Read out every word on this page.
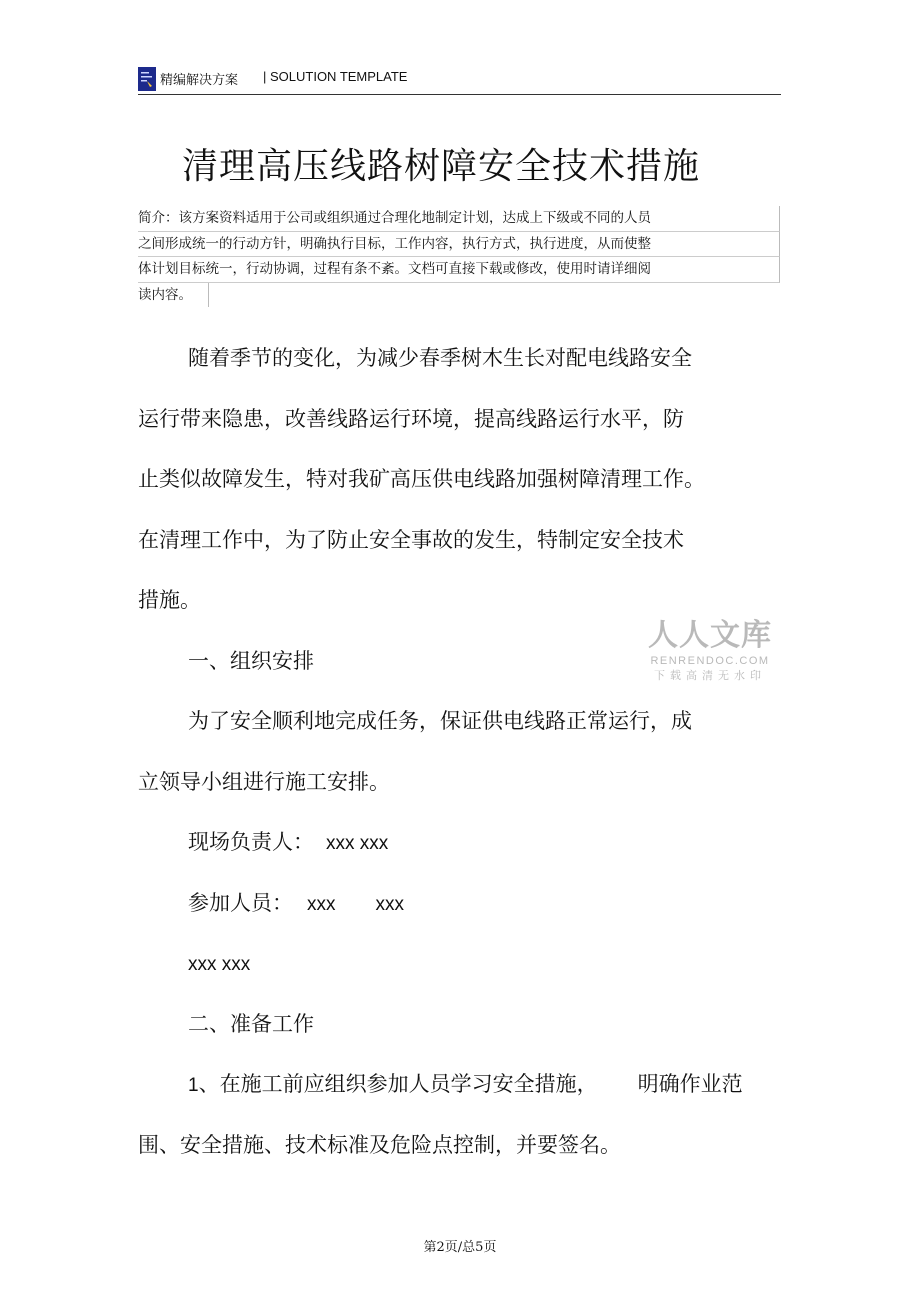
精编解决方案 | SOLUTION TEMPLATE
清理高压线路树障安全技术措施
简介：该方案资料适用于公司或组织通过合理化地制定计划，达成上下级或不同的人员
之间形成统一的行动方针，明确执行目标，工作内容，执行方式，执行进度，从而使整
体计划目标统一，行动协调，过程有条不紊。文档可直接下载或修改，使用时请详细阅
读内容。
随着季节的变化，为减少春季树木生长对配电线路安全
运行带来隐患，改善线路运行环境，提高线路运行水平，防
止类似故障发生，特对我矿高压供电线路加强树障清理工作。
在清理工作中，为了防止安全事故的发生，特制定安全技术
措施。
一、组织安排
为了安全顺利地完成任务，保证供电线路正常运行，成
立领导小组进行施工安排。
现场负责人： xxx xxx
参加人员： xxx xxx
xxx xxx
二、准备工作
1、在施工前应组织参加人员学习安全措施， 明确作业范
围、安全措施、技术标准及危险点控制，并要签名。
人人文库
RENRENDOC.COM
下载高清无水印
第2页/总5页
